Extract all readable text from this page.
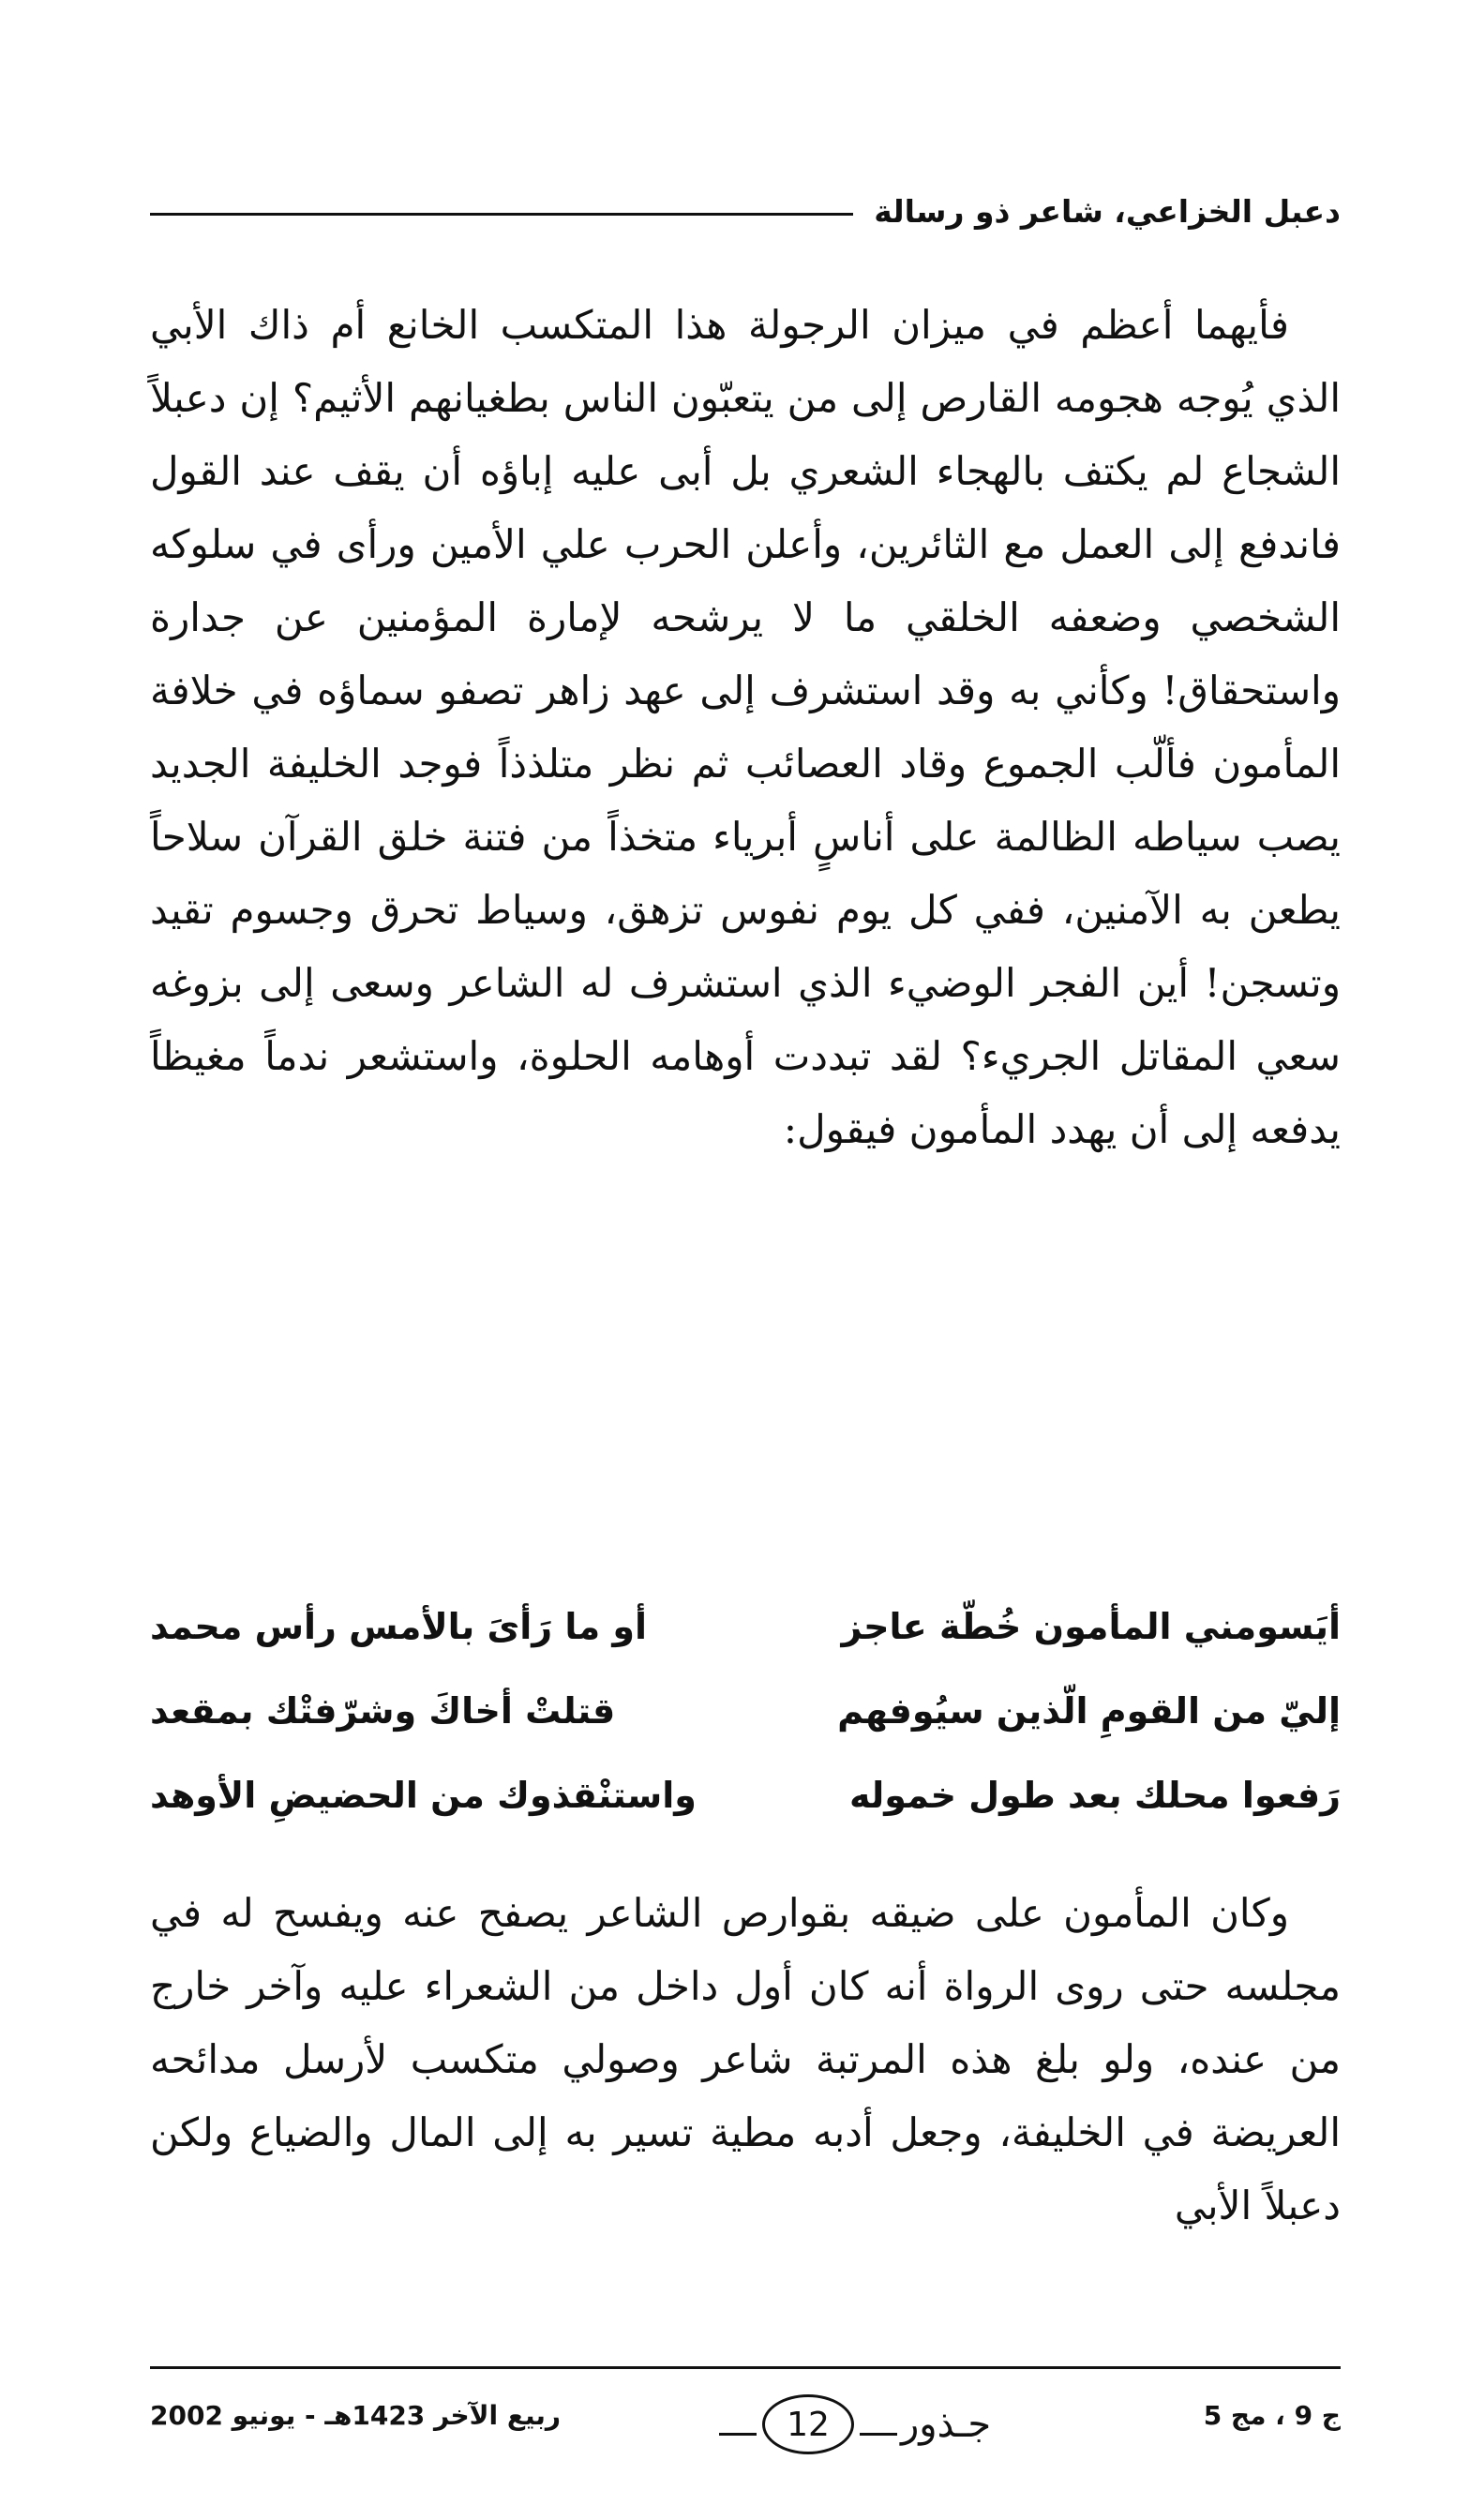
دعبل الخزاعي، شاعر ذو رسالة

فأيهما أعظم في ميزان الرجولة هذا المتكسب الخانع أم ذاك الأبي الذي يُوجه هجومه القارص إلى من يتعبّون الناس بطغيانهم الأثيم؟ إن دعبلاً الشجاع لم يكتف بالهجاء الشعري بل أبى عليه إباؤه أن يقف عند القول فاندفع إلى العمل مع الثائرين، وأعلن الحرب علي الأمين ورأى في سلوكه الشخصي وضعفه الخلقي ما لا يرشحه لإمارة المؤمنين عن جدارة واستحقاق! وكأني به وقد استشرف إلى عهد زاهر تصفو سماؤه في خلافة المأمون فألّب الجموع وقاد العصائب ثم نظر متلذذاً فوجد الخليفة الجديد يصب سياطه الظالمة على أناسٍ أبرياء متخذاً من فتنة خلق القرآن سلاحاً يطعن به الآمنين، ففي كل يوم نفوس تزهق، وسياط تحرق وجسوم تقيد وتسجن! أين الفجر الوضيء الذي استشرف له الشاعر وسعى إلى بزوغه سعي المقاتل الجريء؟ لقد تبددت أوهامه الحلوة، واستشعر ندماً مغيظاً يدفعه إلى أن يهدد المأمون فيقول:

أيَسومني المأمون خُطّة عاجز
أو ما رَأىَ بالأمس رأس محمد
إليّ من القومِ الّذين سيُوفهم
قتلتْ أخاكَ وشرّفتْك بمقعد
رَفعوا محلك بعد طول خموله
واستنْقذوك من الحضيضِ الأوهد

وكان المأمون على ضيقه بقوارص الشاعر يصفح عنه ويفسح له في مجلسه حتى روى الرواة أنه كان أول داخل من الشعراء عليه وآخر خارج من عنده، ولو بلغ هذه المرتبة شاعر وصولي متكسب لأرسل مدائحه العريضة في الخليفة، وجعل أدبه مطية تسير به إلى المال والضياع ولكن دعبلاً الأبي

ج 9 ، مج 5
جـذور
12
ربيع الآخر 1423هـ - يونيو 2002
